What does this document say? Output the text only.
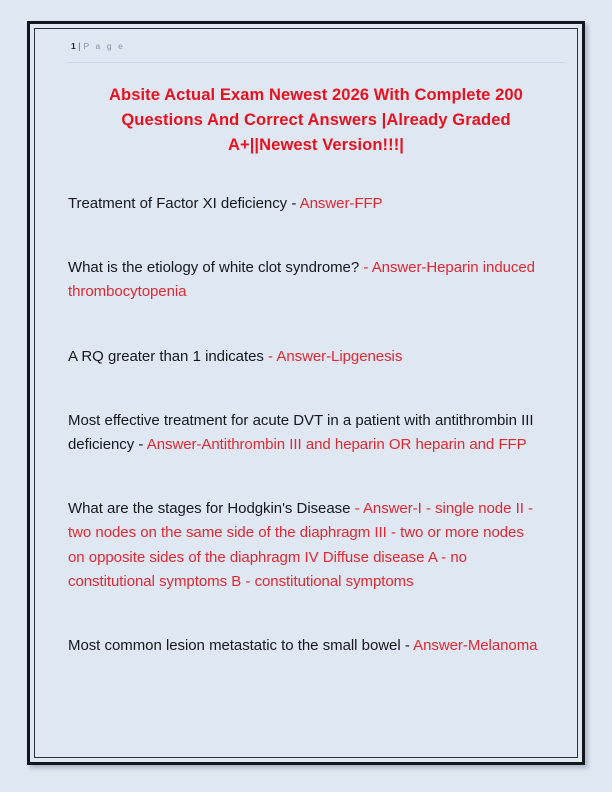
1 | P a g e
Absite Actual Exam Newest 2026 With Complete 200 Questions And Correct Answers |Already Graded A+||Newest Version!!!|
Treatment of Factor XI deficiency - Answer-FFP
What is the etiology of white clot syndrome? - Answer-Heparin induced thrombocytopenia
A RQ greater than 1 indicates - Answer-Lipgenesis
Most effective treatment for acute DVT in a patient with antithrombin III deficiency - Answer-Antithrombin III and heparin OR heparin and FFP
What are the stages for Hodgkin's Disease - Answer-I - single node II - two nodes on the same side of the diaphragm III - two or more nodes on opposite sides of the diaphragm IV Diffuse disease A - no constitutional symptoms B - constitutional symptoms
Most common lesion metastatic to the small bowel - Answer-Melanoma
